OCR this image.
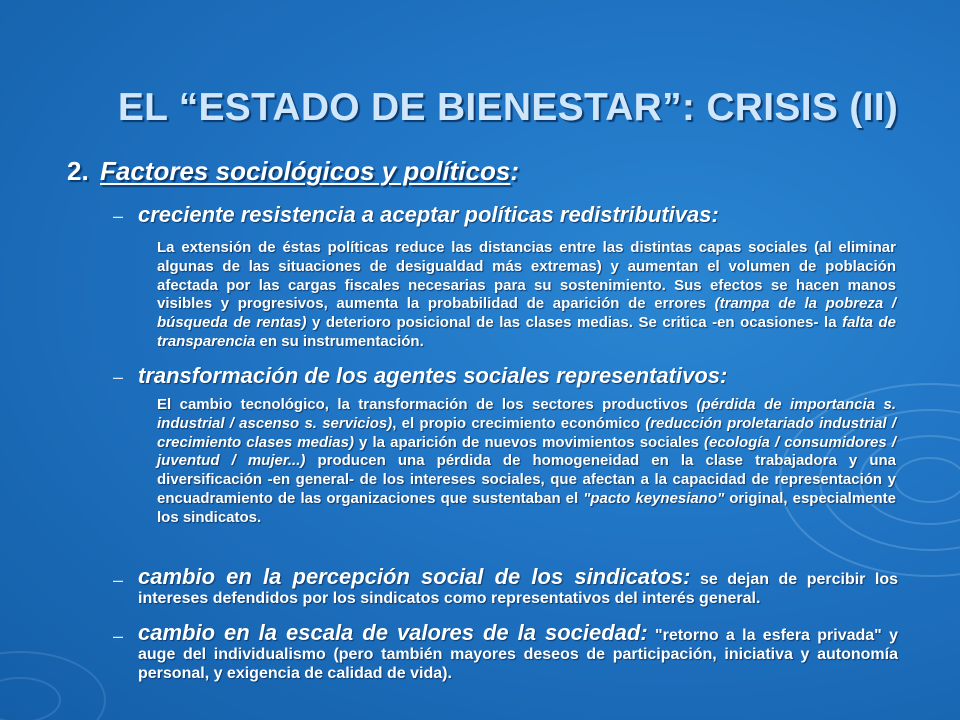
EL “ESTADO DE BIENESTAR”: CRISIS (II)
2. Factores sociológicos y políticos:
– creciente resistencia a aceptar políticas redistributivas:
La extensión de éstas políticas reduce las distancias entre las distintas capas sociales (al eliminar algunas de las situaciones de desigualdad más extremas) y aumentan el volumen de población afectada por las cargas fiscales necesarias para su sostenimiento. Sus efectos se hacen manos visibles y progresivos, aumenta la probabilidad de aparición de errores (trampa de la pobreza / búsqueda de rentas) y deterioro posicional de las clases medias. Se critica -en ocasiones- la falta de transparencia en su instrumentación.
– transformación de los agentes sociales representativos:
El cambio tecnológico, la transformación de los sectores productivos (pérdida de importancia s. industrial / ascenso s. servicios), el propio crecimiento económico (reducción proletariado industrial / crecimiento clases medias) y la aparición de nuevos movimientos sociales (ecología / consumidores / juventud / mujer...) producen una pérdida de homogeneidad en la clase trabajadora y una diversificación -en general- de los intereses sociales, que afectan a la capacidad de representación y encuadramiento de las organizaciones que sustentaban el "pacto keynesiano" original, especialmente los sindicatos.
– cambio en la percepción social de los sindicatos: se dejan de percibir los intereses defendidos por los sindicatos como representativos del interés general.
– cambio en la escala de valores de la sociedad: "retorno a la esfera privada" y auge del individualismo (pero también mayores deseos de participación, iniciativa y autonomía personal, y exigencia de calidad de vida).
